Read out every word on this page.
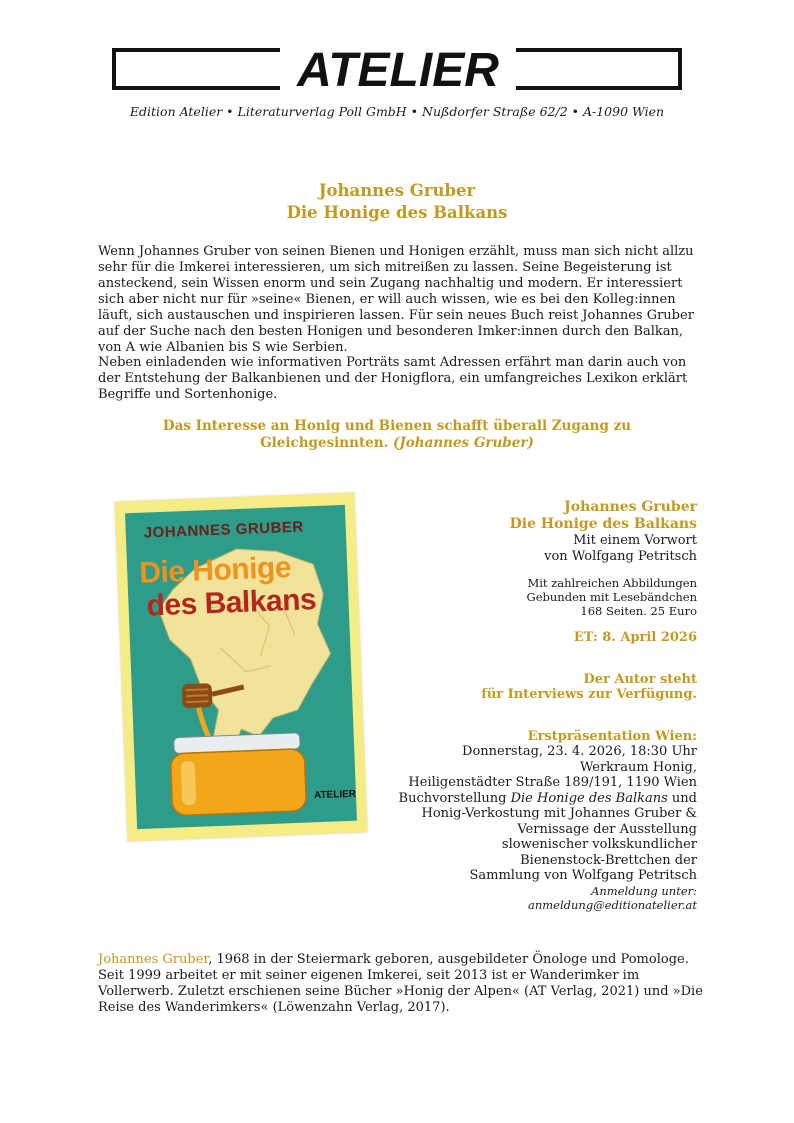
ATELIER
Edition Atelier • Literaturverlag Poll GmbH • Nußdorfer Straße 62/2 • A-1090 Wien
Johannes Gruber
Die Honige des Balkans
Wenn Johannes Gruber von seinen Bienen und Honigen erzählt, muss man sich nicht allzu sehr für die Imkerei interessieren, um sich mitreißen zu lassen. Seine Begeisterung ist ansteckend, sein Wissen enorm und sein Zugang nachhaltig und modern. Er interessiert sich aber nicht nur für »seine« Bienen, er will auch wissen, wie es bei den Kolleg:innen läuft, sich austauschen und inspirieren lassen. Für sein neues Buch reist Johannes Gruber auf der Suche nach den besten Honigen und besonderen Imker:innen durch den Balkan, von A wie Albanien bis S wie Serbien.
Neben einladenden wie informativen Porträts samt Adressen erfährt man darin auch von der Entstehung der Balkanbienen und der Honigflora, ein umfangreiches Lexikon erklärt Begriffe und Sortenhonige.
Das Interesse an Honig und Bienen schafft überall Zugang zu Gleichgesinnten. (Johannes Gruber)
JOHANNES GRUBER
Die Honige
des Balkans
ATELIER
Johannes Gruber
Die Honige des Balkans
Mit einem Vorwort
von Wolfgang Petritsch
Mit zahlreichen Abbildungen
Gebunden mit Lesebändchen
168 Seiten. 25 Euro
ET: 8. April 2026
Der Autor steht
für Interviews zur Verfügung.
Erstpräsentation Wien:
Donnerstag, 23. 4. 2026, 18:30 Uhr
Werkraum Honig,
Heiligenstädter Straße 189/191, 1190 Wien
Buchvorstellung Die Honige des Balkans und
Honig-Verkostung mit Johannes Gruber &
Vernissage der Ausstellung
slowenischer volkskundlicher
Bienenstock-Brettchen der
Sammlung von Wolfgang Petritsch
Anmeldung unter:
anmeldung@editionatelier.at
Johannes Gruber, 1968 in der Steiermark geboren, ausgebildeter Önologe und Pomologe. Seit 1999 arbeitet er mit seiner eigenen Imkerei, seit 2013 ist er Wanderimker im Vollerwerb. Zuletzt erschienen seine Bücher »Honig der Alpen« (AT Verlag, 2021) und »Die Reise des Wanderimkers« (Löwenzahn Verlag, 2017).
